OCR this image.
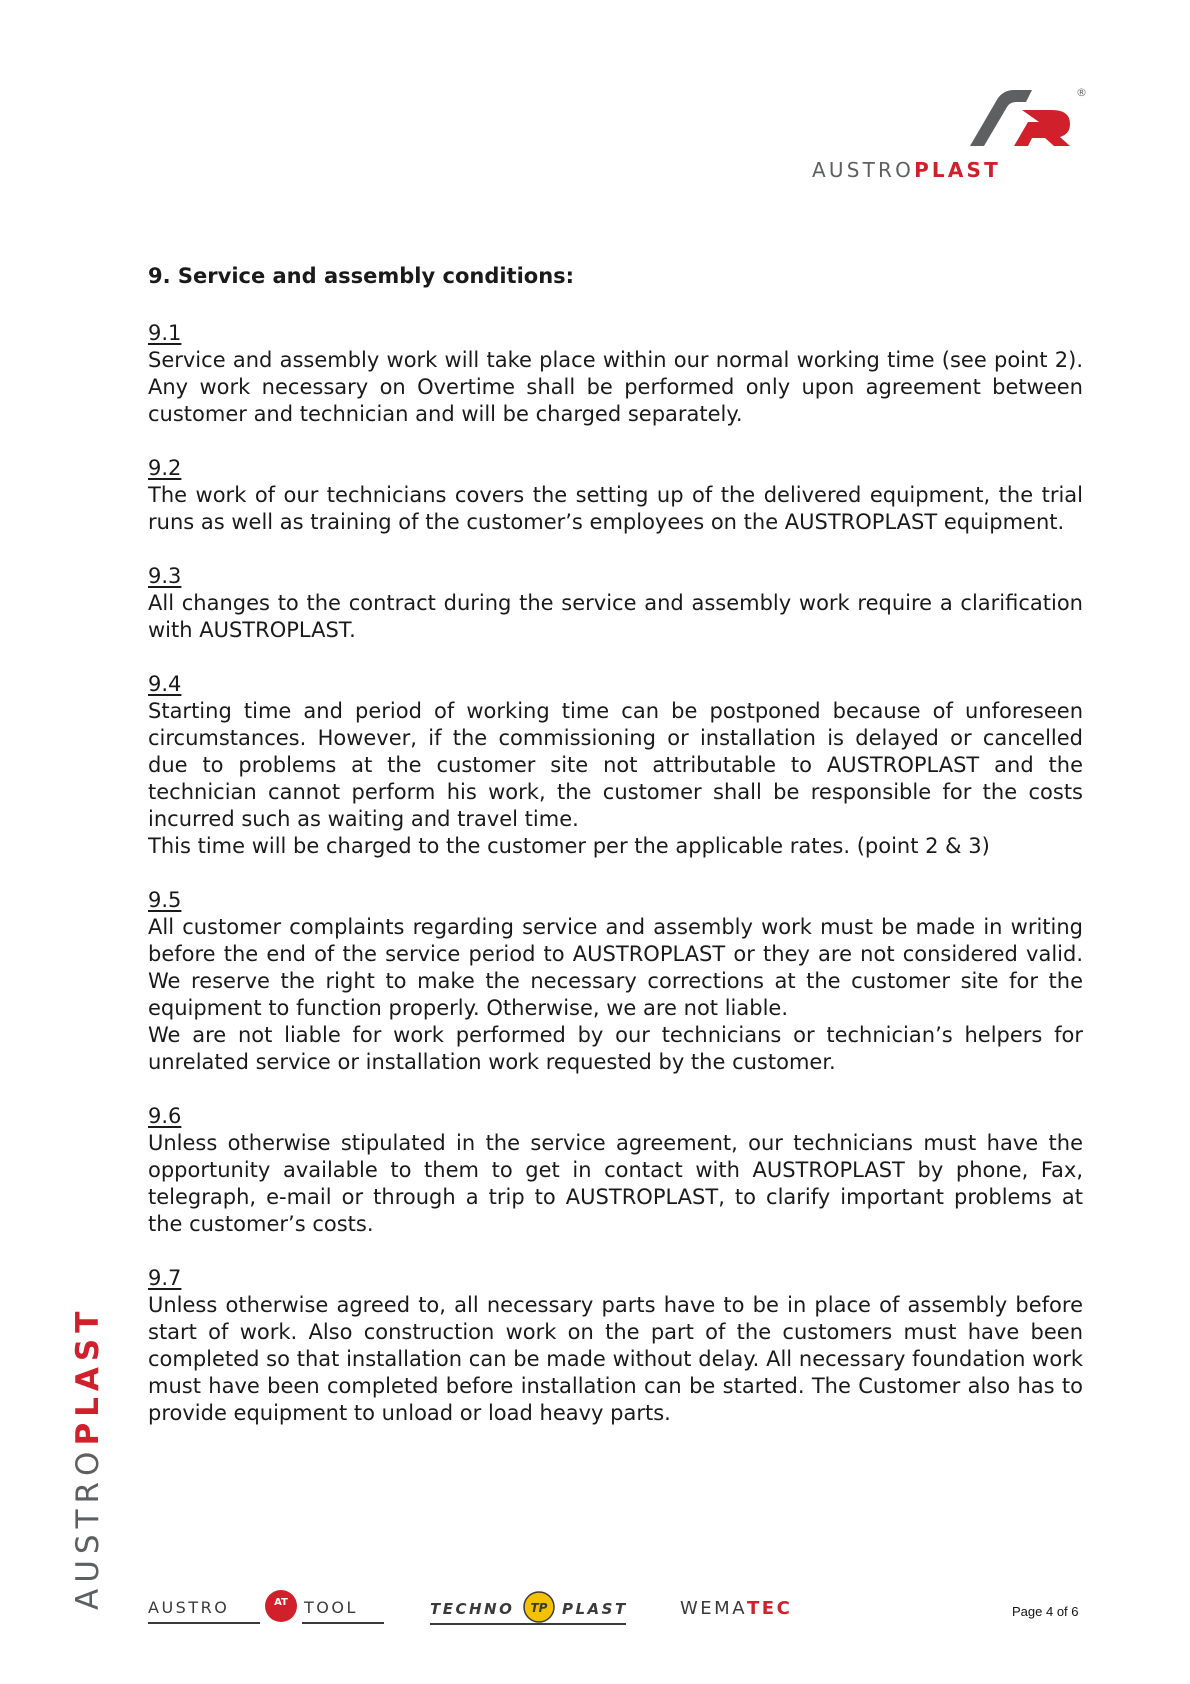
®
AUSTROPLAST
AUSTROPLAST
9. Service and assembly conditions:
9.1

Service and assembly work will take place within our normal working time (see point 2). Any work necessary on Overtime shall be performed only upon agreement between customer and technician and will be charged separately.

9.2

The work of our technicians covers the setting up of the delivered equipment, the trial runs as well as training of the customer’s employees on the AUSTROPLAST equipment.

9.3

All changes to the contract during the service and assembly work require a clarification with AUSTROPLAST.

9.4

Starting time and period of working time can be postponed because of unforeseen circumstances. However, if the commissioning or installation is delayed or cancelled due to problems at the customer site not attributable to AUSTROPLAST and the technician cannot perform his work, the customer shall be responsible for the costs incurred such as waiting and travel time.

This time will be charged to the customer per the applicable rates. (point 2 & 3)

9.5

All customer complaints regarding service and assembly work must be made in writing before the end of the service period to AUSTROPLAST or they are not considered valid. We reserve the right to make the necessary corrections at the customer site for the equipment to function properly. Otherwise, we are not liable.

We are not liable for work performed by our technicians or technician’s helpers for unrelated service or installation work requested by the customer.

9.6

Unless otherwise stipulated in the service agreement, our technicians must have the opportunity available to them to get in contact with AUSTROPLAST by phone, Fax, telegraph, e-mail or through a trip to AUSTROPLAST, to clarify important problems at the customer’s costs.

9.7

Unless otherwise agreed to, all necessary parts have to be in place of assembly before start of work. Also construction work on the part of the customers must have been completed so that installation can be made without delay. All necessary foundation work must have been completed before installation can be started. The Customer also has to provide equipment to unload or load heavy parts.

AUSTRO	AT TOOL	TECHNO TP PLAST	WEMATEC	Page 4 of 6
